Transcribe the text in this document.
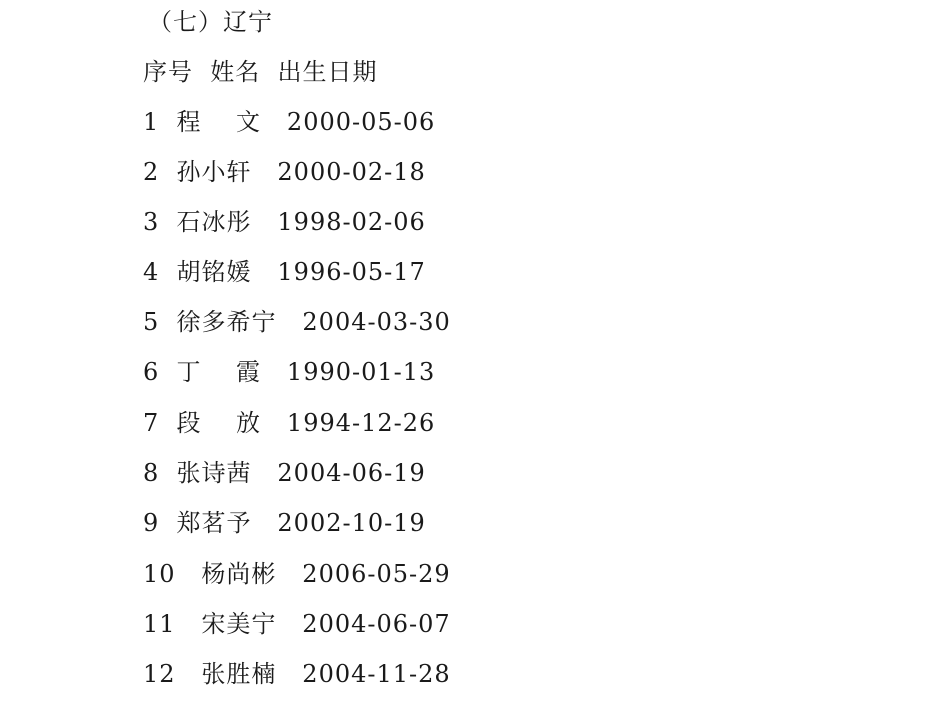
（七）辽宁
序号  姓名  出生日期
1  程    文   2000-05-06
2  孙小轩   2000-02-18
3  石冰彤   1998-02-06
4  胡铭媛   1996-05-17
5  徐多希宁   2004-03-30
6  丁    霞   1990-01-13
7  段    放   1994-12-26
8  张诗茜   2004-06-19
9  郑茗予   2002-10-19
10   杨尚彬   2006-05-29
11   宋美宁   2004-06-07
12   张胜楠   2004-11-28
